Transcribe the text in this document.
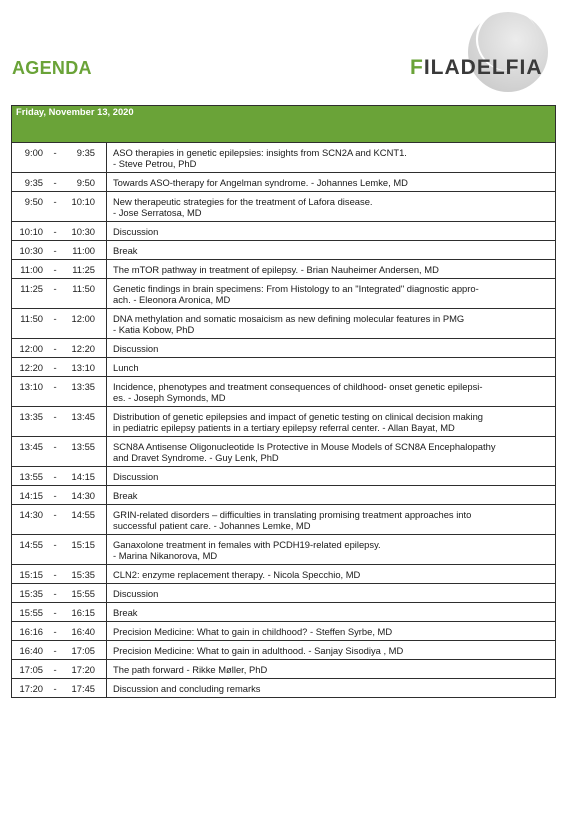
FILADELFIA
AGENDA
Friday, November 13, 2020	
9:00 - 9:35	ASO therapies in genetic epilepsies: insights from SCN2A and KCNT1.
- Steve Petrou, PhD

9:35 - 9:50	Towards ASO-therapy for Angelman syndrome. - Johannes Lemke, MD
9:50 - 10:10	New therapeutic strategies for the treatment of Lafora disease.
- Jose Serratosa, MD

10:10 - 10:30	Discussion
10:30 - 11:00	Break
11:00 - 11:25	The mTOR pathway in treatment of epilepsy. - Brian Nauheimer Andersen, MD
11:25 - 11:50	Genetic findings in brain specimens: From Histology to an "Integrated" diagnostic appro-
ach. - Eleonora Aronica, MD

11:50 - 12:00	DNA methylation and somatic mosaicism as new defining molecular features in PMG
- Katia Kobow, PhD

12:00 - 12:20	Discussion
12:20 - 13:10	Lunch
13:10 - 13:35	Incidence, phenotypes and treatment consequences of childhood- onset genetic epilepsi-
es. - Joseph Symonds, MD

13:35 - 13:45	Distribution of genetic epilepsies and impact of genetic testing on clinical decision making
in pediatric epilepsy patients in a tertiary epilepsy referral center. - Allan Bayat, MD

13:45 - 13:55	SCN8A Antisense Oligonucleotide Is Protective in Mouse Models of SCN8A Encephalopathy
and Dravet Syndrome. - Guy Lenk, PhD

13:55 - 14:15	Discussion
14:15 - 14:30	Break
14:30 - 14:55	GRIN-related disorders – difficulties in translating promising treatment approaches into
successful patient care. - Johannes Lemke, MD

14:55 - 15:15	Ganaxolone treatment in females with PCDH19-related epilepsy.
- Marina Nikanorova, MD

15:15 - 15:35	CLN2: enzyme replacement therapy. - Nicola Specchio, MD
15:35 - 15:55	Discussion
15:55 - 16:15	Break
16:16 - 16:40	Precision Medicine: What to gain in childhood? - Steffen Syrbe, MD
16:40 - 17:05	Precision Medicine: What to gain in adulthood. - Sanjay Sisodiya , MD
17:05 - 17:20	The path forward - Rikke Møller, PhD
17:20 - 17:45	Discussion and concluding remarks
